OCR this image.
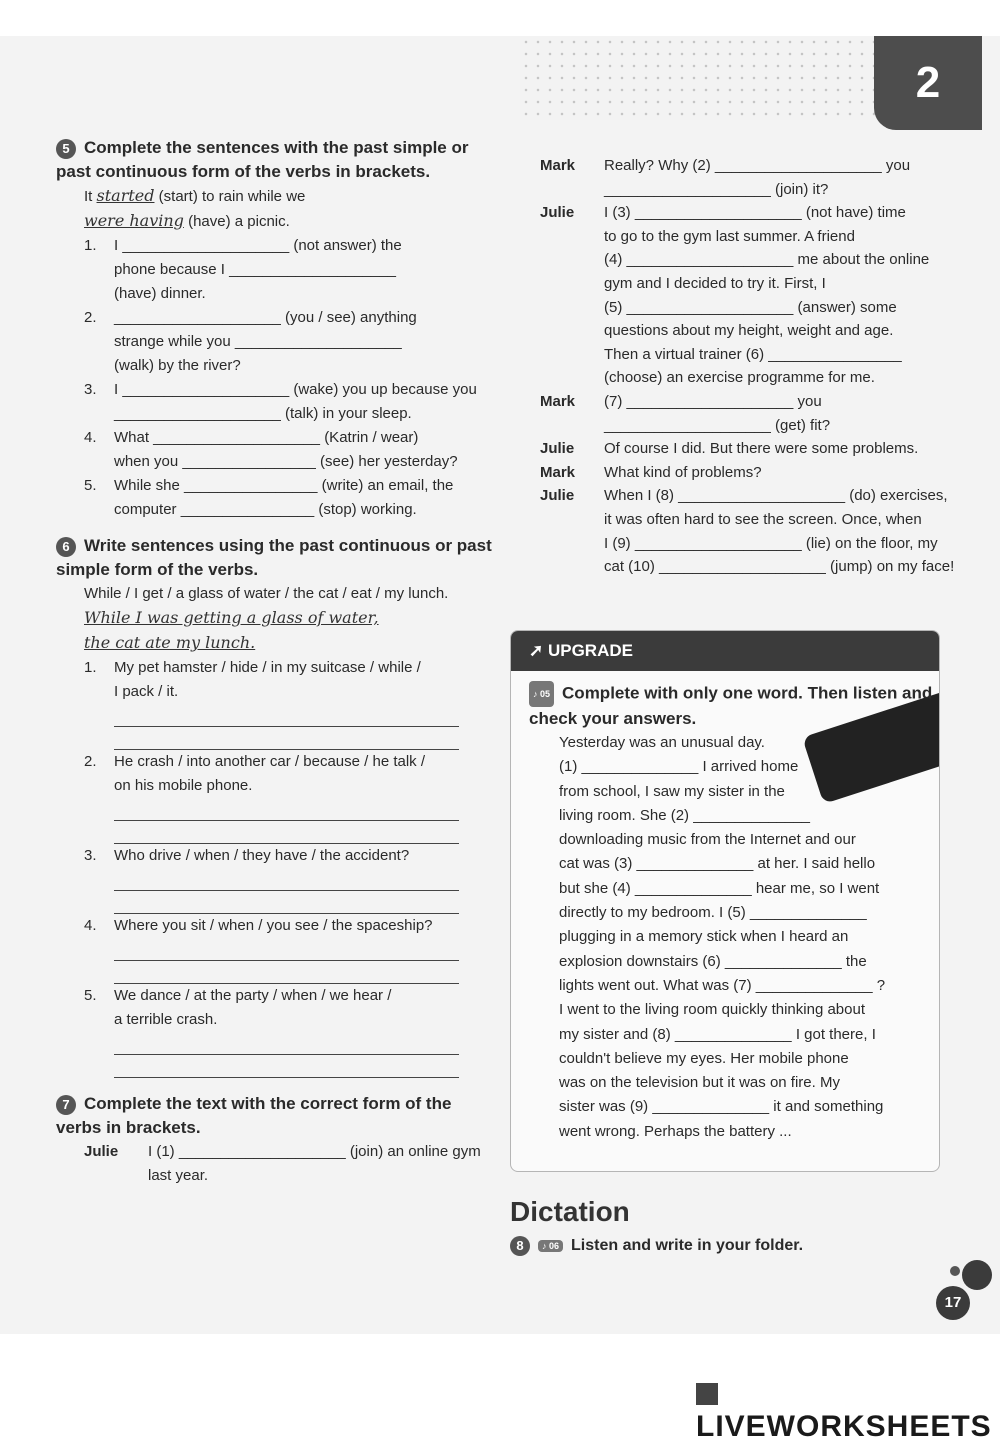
2

5 Complete the sentences with the past simple or past continuous form of the verbs in brackets.

It started (start) to rain while we
were having (have) a picnic.

1.	I ____________________ (not answer) the
phone because I ____________________
(have) dinner.
2.	____________________ (you / see) anything
strange while you ____________________
(walk) by the river?
3.	I ____________________ (wake) you up because you
____________________ (talk) in your sleep.
4.	What ____________________ (Katrin / wear)
when you ________________ (see) her yesterday?
5.	While she ________________ (write) an email, the
computer ________________ (stop) working.

6 Write sentences using the past continuous or past simple form of the verbs.

While / I get / a glass of water / the cat / eat / my lunch.

While I was getting a glass of water,
the cat ate my lunch.

1.	My pet hamster / hide / in my suitcase / while /
I pack / it.
2.	He crash / into another car / because / he talk /
on his mobile phone.
3.	Who drive / when / they have / the accident?
4.	Where you sit / when / you see / the spaceship?
5.	We dance / at the party / when / we hear /
a terrible crash.

7 Complete the text with the correct form of the verbs in brackets.

Julie	I (1) ____________________ (join) an online gym
last year.
Mark	Really? Why (2) ____________________ you
____________________ (join) it?
Julie	I (3) ____________________ (not have) time
to go to the gym last summer. A friend
(4) ____________________ me about the online
gym and I decided to try it. First, I
(5) ____________________ (answer) some
questions about my height, weight and age.
Then a virtual trainer (6) ________________
(choose) an exercise programme for me.
Mark	(7) ____________________ you
____________________ (get) fit?
Julie	Of course I did. But there were some problems.
Mark	What kind of problems?
Julie	When I (8) ____________________ (do) exercises,
it was often hard to see the screen. Once, when
I (9) ____________________ (lie) on the floor, my
cat (10) ____________________ (jump) on my face!
➚ UPGRADE

♪ 05 Complete with only one word. Then listen and check your answers.

Yesterday was an unusual day.
(1) ______________ I arrived home
from school, I saw my sister in the
living room. She (2) ______________
downloading music from the Internet and our
cat was (3) ______________ at her. I said hello
but she (4) ______________ hear me, so I went
directly to my bedroom. I (5) ______________
plugging in a memory stick when I heard an
explosion downstairs (6) ______________ the
lights went out. What was (7) ______________ ?
I went to the living room quickly thinking about
my sister and (8) ______________ I got there, I
couldn't believe my eyes. Her mobile phone
was on the television but it was on fire. My
sister was (9) ______________ it and something
went wrong. Perhaps the battery ...
Dictation
8 ♪ 06 Listen and write in your folder.
17
LIVEWORKSHEETS
